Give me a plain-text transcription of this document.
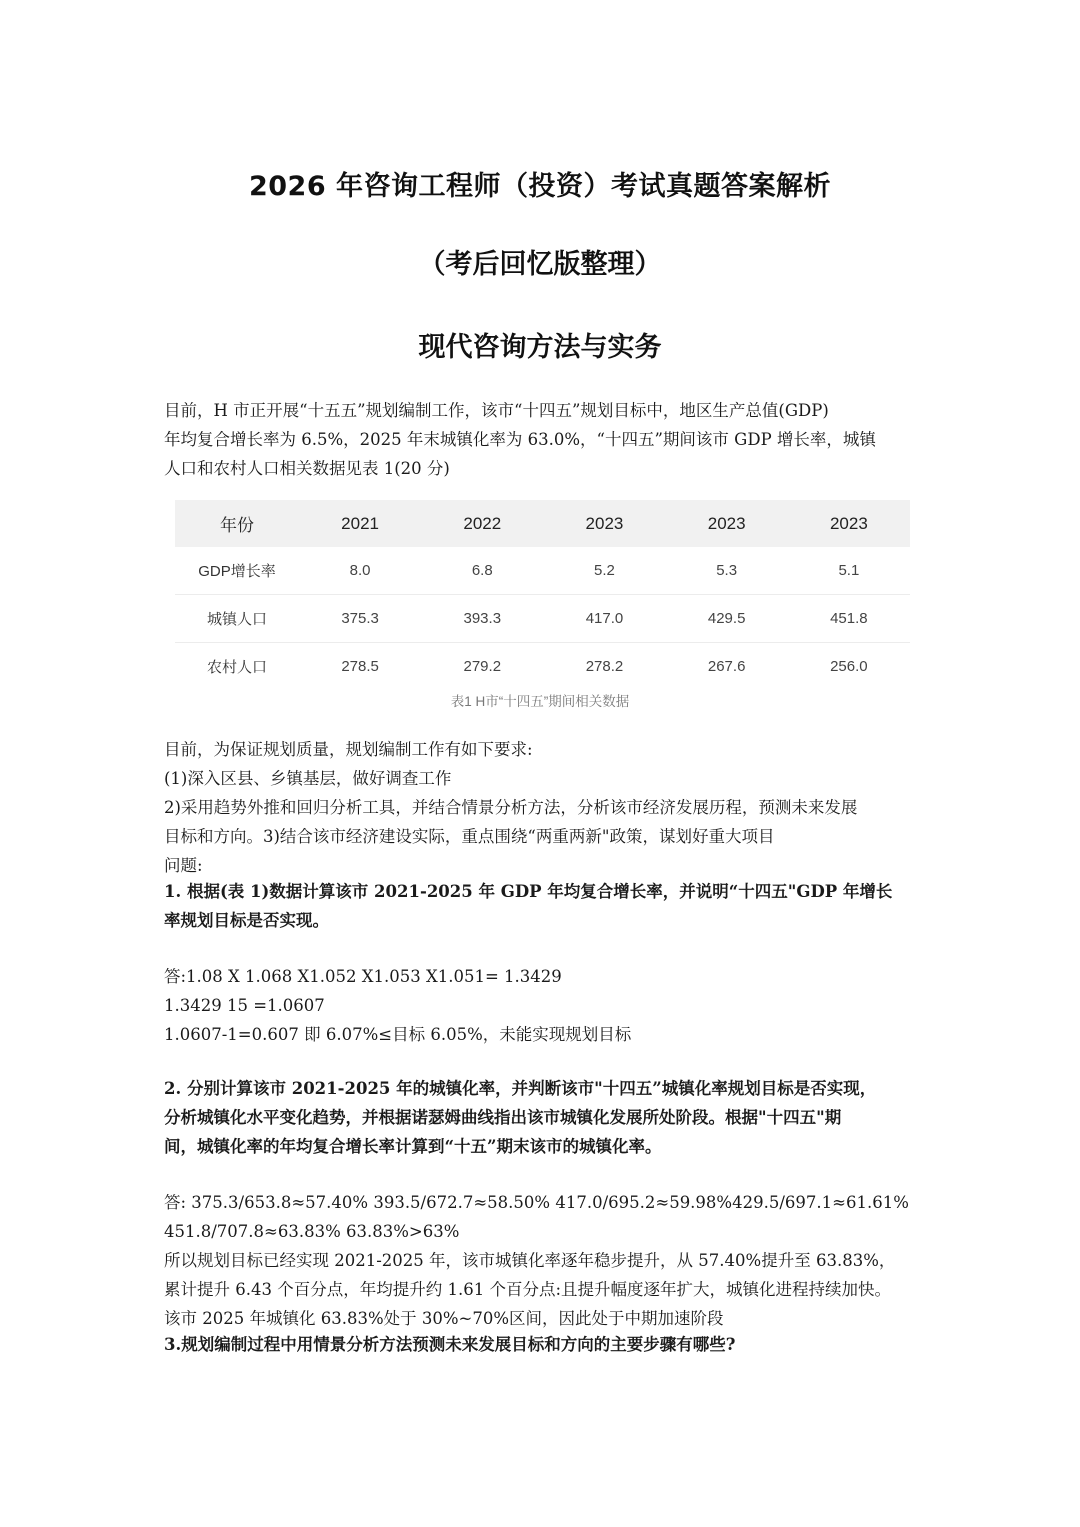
2026 年咨询工程师（投资）考试真题答案解析
（考后回忆版整理）
现代咨询方法与实务

目前，H 市正开展“十五五”规划编制工作，该市“十四五”规划目标中，地区生产总值(GDP)

年均复合增长率为 6.5%，2025 年末城镇化率为 63.0%，“十四五”期间该市 GDP 增长率，城镇

人口和农村人口相关数据见表 1(20 分)

年份	2021	2022	2023	2023	2023
GDP增长率	8.0	6.8	5.2	5.3	5.1
城镇人口	375.3	393.3	417.0	429.5	451.8
农村人口	278.5	279.2	278.2	267.6	256.0
表1 H市“十四五”期间相关数据

目前，为保证规划质量，规划编制工作有如下要求:

(1)深入区县、乡镇基层，做好调查工作

2)采用趋势外推和回归分析工具，并结合情景分析方法，分析该市经济发展历程，预测未来发展

目标和方向。3)结合该市经济建设实际，重点围绕“两重两新"政策，谋划好重大项目

问题:

1. 根据(表 1)数据计算该市 2021-2025 年 GDP 年均复合增长率，并说明“十四五"GDP 年增长

率规划目标是否实现。

答:1.08 X 1.068 X1.052 X1.053 X1.051= 1.3429

1.3429 15 =1.0607

1.0607-1=0.607 即 6.07%≤目标 6.05%，未能实现规划目标

2. 分别计算该市 2021-2025 年的城镇化率，并判断该市"十四五”城镇化率规划目标是否实现，

分析城镇化水平变化趋势，并根据诺瑟姆曲线指出该市城镇化发展所处阶段。根据"十四五"期

间，城镇化率的年均复合增长率计算到“十五”期末该市的城镇化率。

答: 375.3/653.8≈57.40% 393.5/672.7≈58.50% 417.0/695.2≈59.98%429.5/697.1≈61.61%

451.8/707.8≈63.83% 63.83%>63%

所以规划目标已经实现 2021-2025 年，该市城镇化率逐年稳步提升，从 57.40%提升至 63.83%，

累计提升 6.43 个百分点，年均提升约 1.61 个百分点:且提升幅度逐年扩大，城镇化进程持续加快。

该市 2025 年城镇化 63.83%处于 30%~70%区间，因此处于中期加速阶段

3.规划编制过程中用情景分析方法预测未来发展目标和方向的主要步骤有哪些?
